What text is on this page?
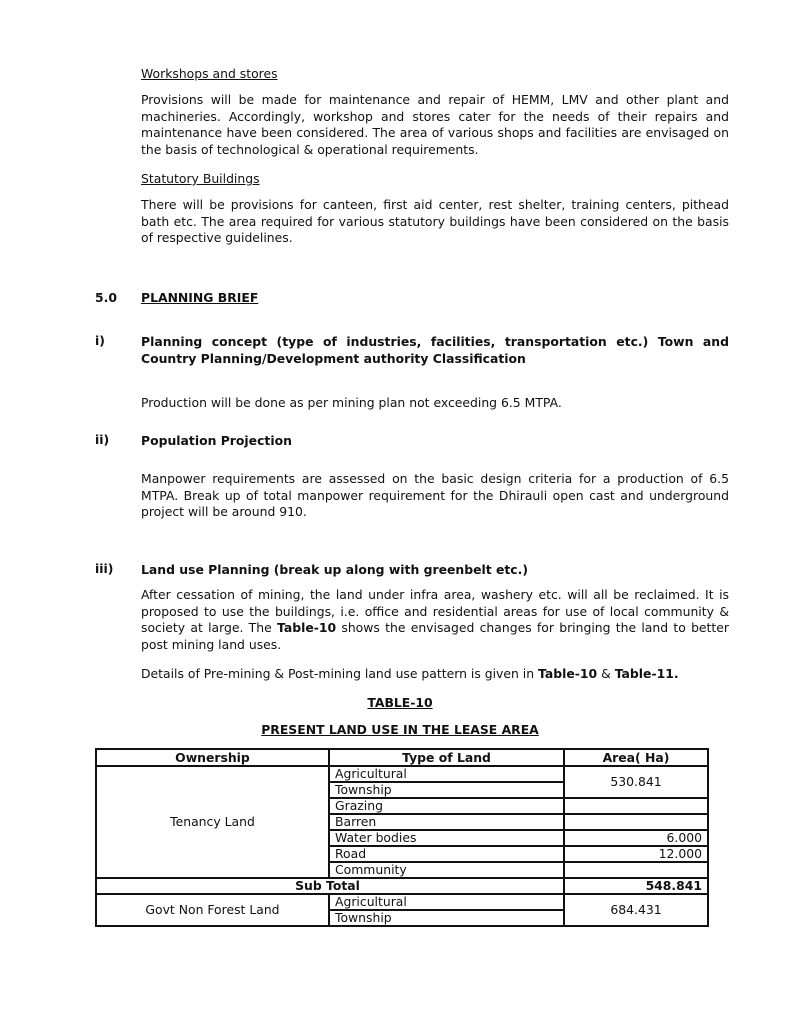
Workshops and stores
Provisions will be made for maintenance and repair of HEMM, LMV and other plant and machineries. Accordingly, workshop and stores cater for the needs of their repairs and maintenance have been considered. The area of various shops and facilities are envisaged on the basis of technological & operational requirements.
Statutory Buildings
There will be provisions for canteen, first aid center, rest shelter, training centers, pithead bath etc. The area required for various statutory buildings have been considered on the basis of respective guidelines.
5.0 PLANNING BRIEF
i)	Planning concept (type of industries, facilities, transportation etc.) Town and Country Planning/Development authority Classification
Production will be done as per mining plan not exceeding 6.5 MTPA.
ii)	Population Projection
Manpower requirements are assessed on the basic design criteria for a production of 6.5 MTPA. Break up of total manpower requirement for the Dhirauli open cast and underground project will be around 910.
iii) Land use Planning (break up along with greenbelt etc.)
After cessation of mining, the land under infra area, washery etc. will all be reclaimed. It is proposed to use the buildings, i.e. office and residential areas for use of local community & society at large. The Table-10 shows the envisaged changes for bringing the land to better post mining land uses.
Details of Pre-mining & Post-mining land use pattern is given in Table-10 & Table-11.
TABLE-10
PRESENT LAND USE IN THE LEASE AREA
Ownership	Type of Land	Area( Ha)
Tenancy Land	Agricultural	530.841
	Township	
	Grazing	
	Barren	
	Water bodies	6.000
	Road	12.000
	Community	
Sub Total		548.841
Govt Non Forest Land	Agricultural	684.431
	Township	
